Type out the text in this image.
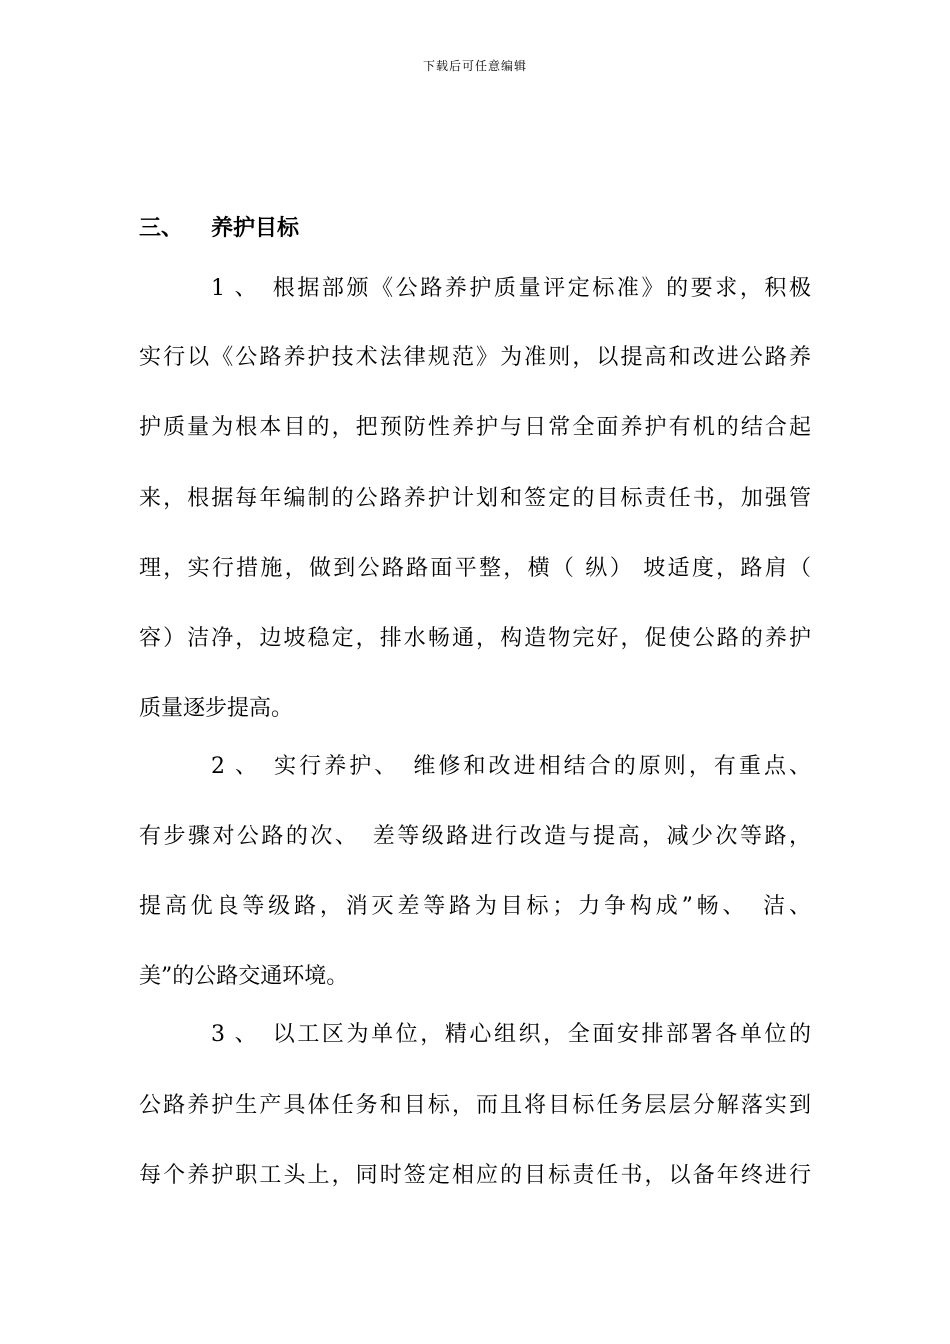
下载后可任意编辑
三、 养护目标
1 、　根据部颁《公路养护质量评定标准》的要求，积极
实行以《公路养护技术法律规范》为准则，以提高和改进公路养
护质量为根本目的，把预防性养护与日常全面养护有机的结合起
来，根据每年编制的公路养护计划和签定的目标责任书，加强管
理，实行措施，做到公路路面平整，横（ 纵） 坡适度，路肩（
容）洁净，边坡稳定，排水畅通，构造物完好，促使公路的养护
质量逐步提高。
2 、　实行养护、　维修和改进相结合的原则，有重点、
有步骤对公路的次、　差等级路进行改造与提高，减少次等路，
提高优良等级路，消灭差等路为目标；力争构成”畅、　洁、
美”的公路交通环境。
3 、　以工区为单位，精心组织，全面安排部署各单位的
公路养护生产具体任务和目标，而且将目标任务层层分解落实到
每个养护职工头上，同时签定相应的目标责任书，以备年终进行
